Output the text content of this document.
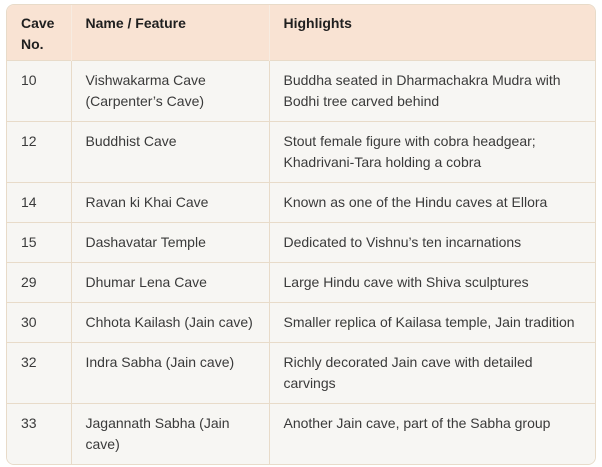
Cave No.	Name / Feature	Highlights
10	Vishwakarma Cave (Carpenter’s Cave)	Buddha seated in Dharmachakra Mudra with Bodhi tree carved behind
12	Buddhist Cave	Stout female figure with cobra headgear; Khadrivani-Tara holding a cobra
14	Ravan ki Khai Cave	Known as one of the Hindu caves at Ellora
15	Dashavatar Temple	Dedicated to Vishnu’s ten incarnations
29	Dhumar Lena Cave	Large Hindu cave with Shiva sculptures
30	Chhota Kailash (Jain cave)	Smaller replica of Kailasa temple, Jain tradition
32	Indra Sabha (Jain cave)	Richly decorated Jain cave with detailed carvings
33	Jagannath Sabha (Jain cave)	Another Jain cave, part of the Sabha group
